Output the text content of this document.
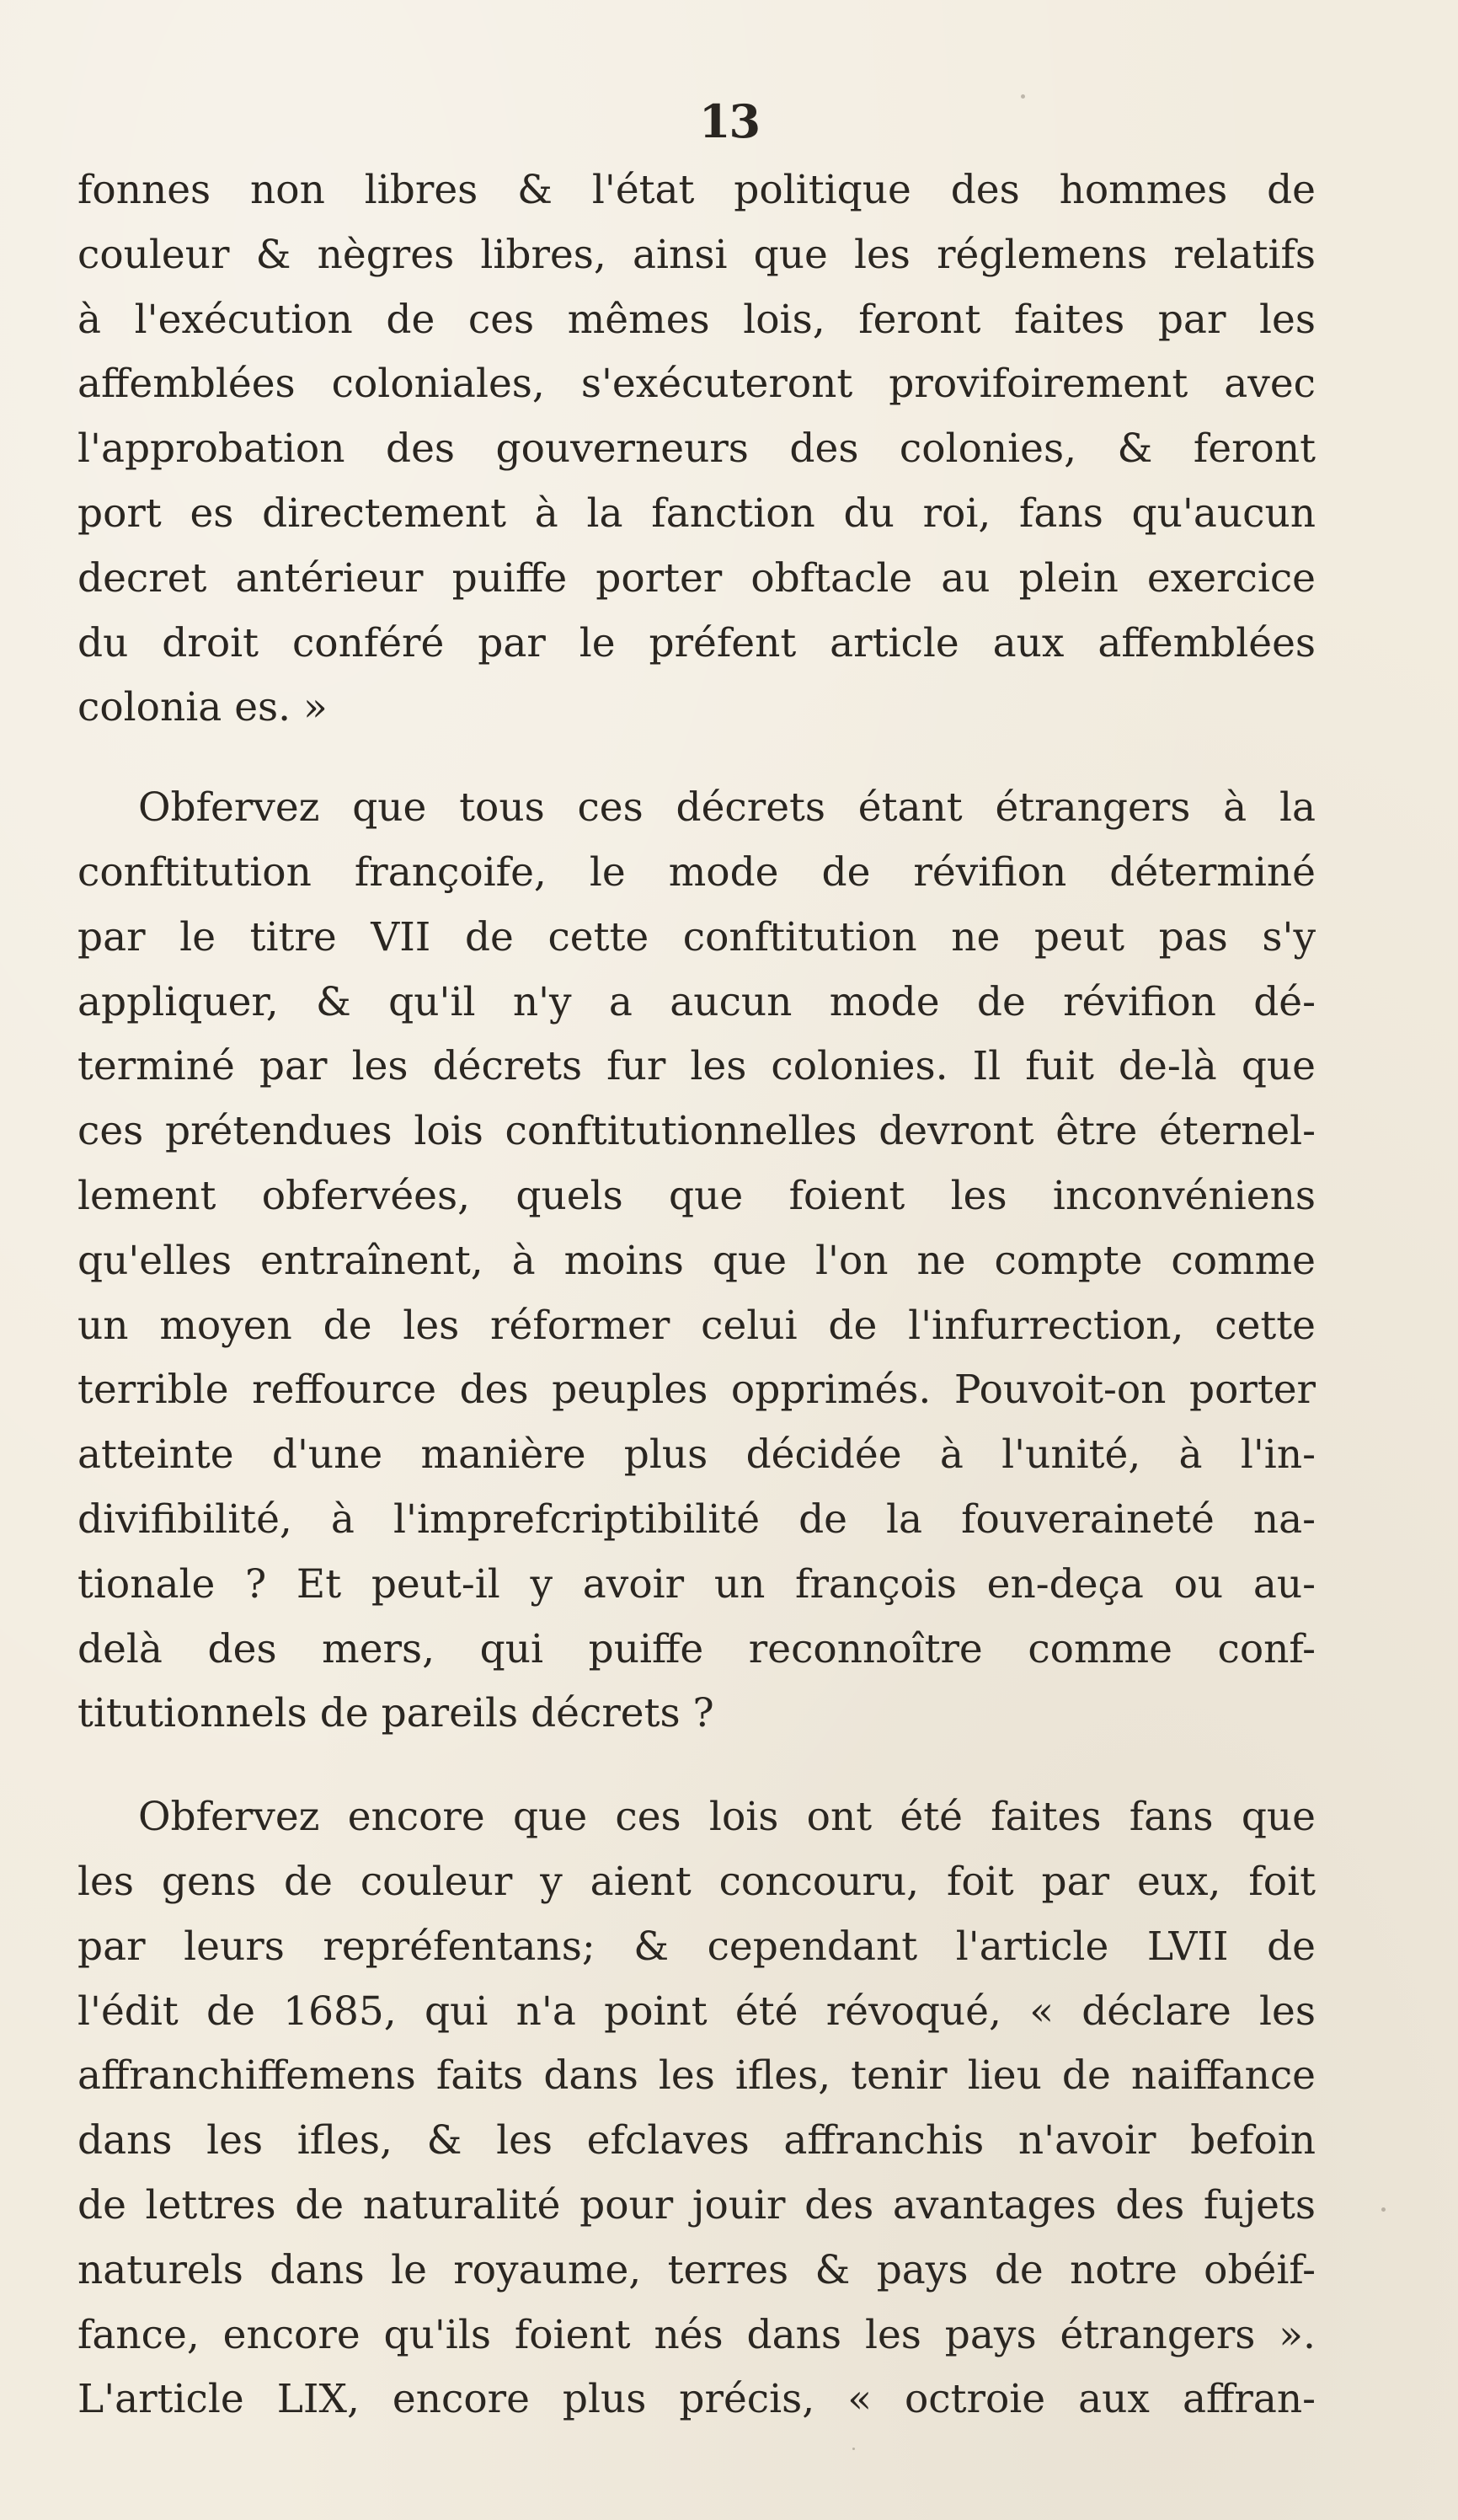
13
fonnes non libres & l'état politique des hommes de
couleur & nègres libres, ainsi que les réglemens relatifs
à l'exécution de ces mêmes lois, feront faites par les
affemblées coloniales, s'exécuteront provifoirement avec
l'approbation des gouverneurs des colonies, & feront
port es directement à la fanction du roi, fans qu'aucun
decret antérieur puiffe porter obftacle au plein exercice
du droit conféré par le préfent article aux affemblées
colonia es. »
Obfervez que tous ces décrets étant étrangers à la
conftitution françoife, le mode de révifion déterminé
par le titre VII de cette conftitution ne peut pas s'y
appliquer, & qu'il n'y a aucun mode de révifion dé-
terminé par les décrets fur les colonies. Il fuit de-là que
ces prétendues lois conftitutionnelles devront être éternel-
lement obfervées, quels que foient les inconvéniens
qu'elles entraînent, à moins que l'on ne compte comme
un moyen de les réformer celui de l'infurrection, cette
terrible reffource des peuples opprimés. Pouvoit-on porter
atteinte d'une manière plus décidée à l'unité, à l'in-
divifibilité, à l'imprefcriptibilité de la fouveraineté na-
tionale ? Et peut-il y avoir un françois en-deça ou au-
delà des mers, qui puiffe reconnoître comme conf-
titutionnels de pareils décrets ?
Obfervez encore que ces lois ont été faites fans que
les gens de couleur y aient concouru, foit par eux, foit
par leurs repréfentans; & cependant l'article LVII de
l'édit de 1685, qui n'a point été révoqué, « déclare les
affranchiffemens faits dans les ifles, tenir lieu de naiffance
dans les ifles, & les efclaves affranchis n'avoir befoin
de lettres de naturalité pour jouir des avantages des fujets
naturels dans le royaume, terres & pays de notre obéif-
fance, encore qu'ils foient nés dans les pays étrangers ».
L'article LIX, encore plus précis, « octroie aux affran-
